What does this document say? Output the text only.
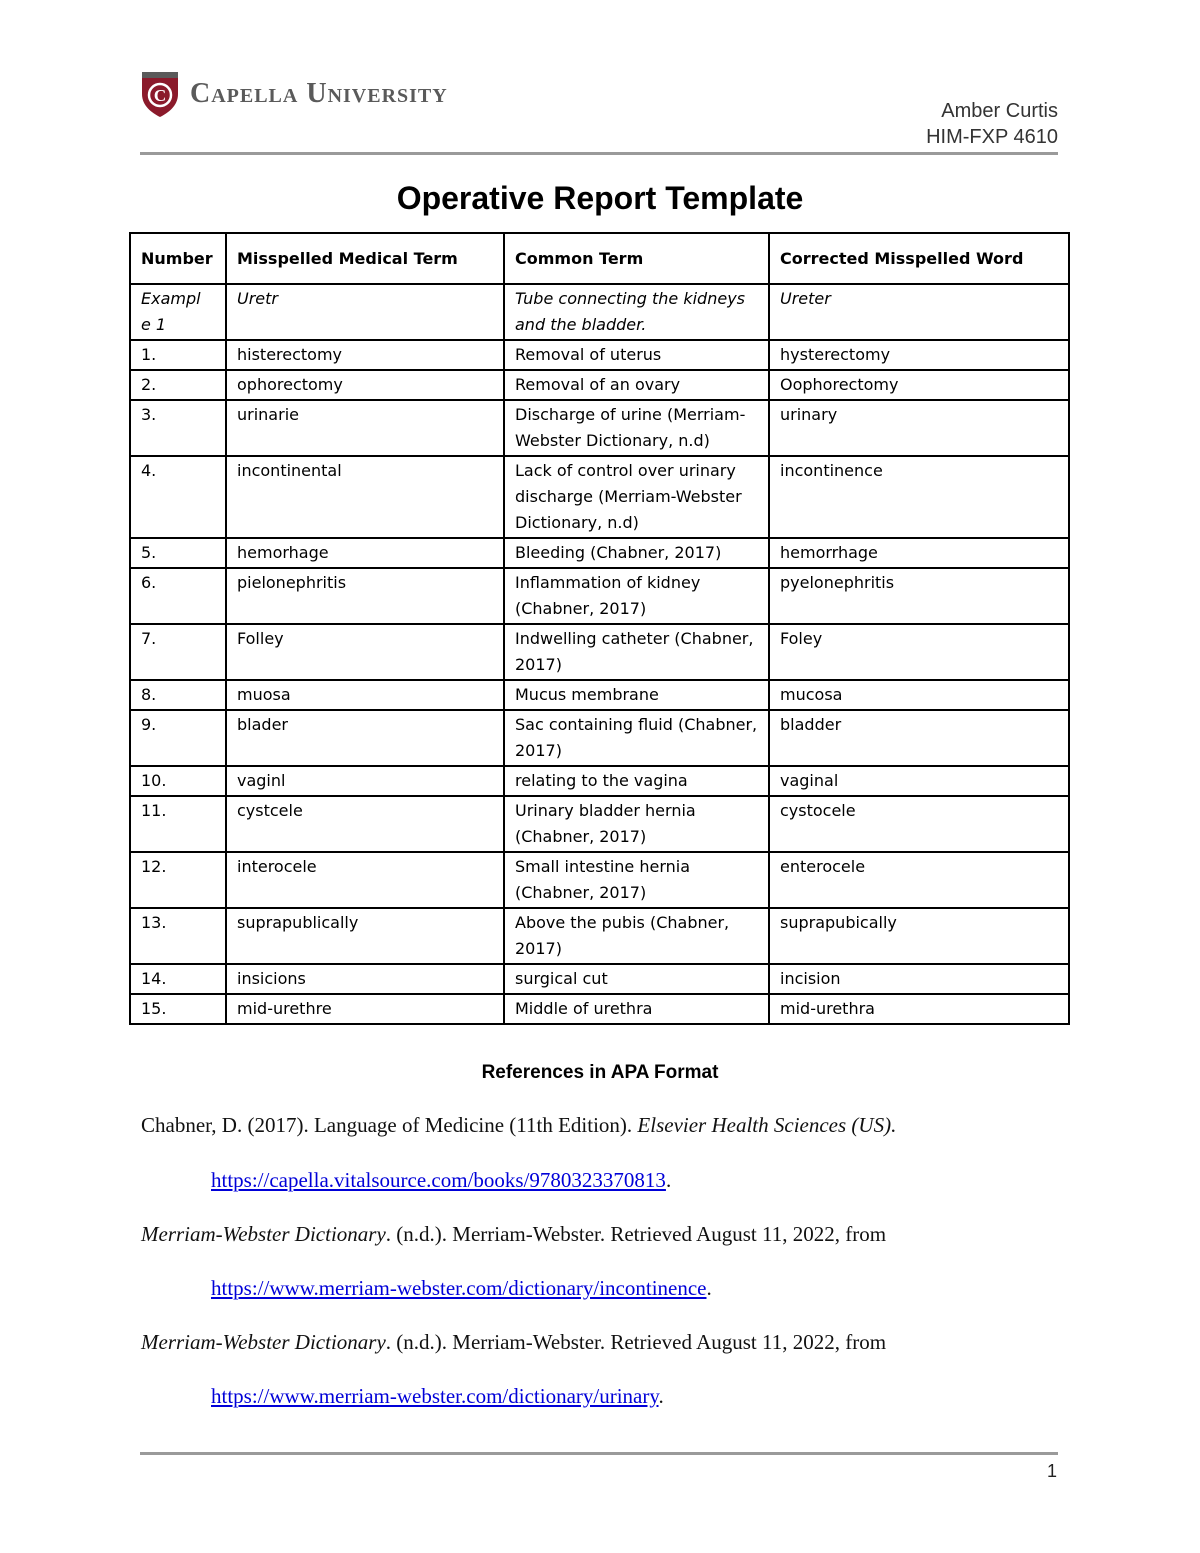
C Capella University
Amber Curtis
HIM-FXP 4610
Operative Report Template
Number	Misspelled Medical Term	Common Term	Corrected Misspelled Word
Exampl e 1	Uretr	Tube connecting the kidneys and the bladder.	Ureter
1.	histerectomy	Removal of uterus	hysterectomy
2.	ophorectomy	Removal of an ovary	Oophorectomy
3.	urinarie	Discharge of urine (Merriam-Webster Dictionary, n.d)	urinary
4.	incontinental	Lack of control over urinary discharge (Merriam-Webster Dictionary, n.d)	incontinence
5.	hemorhage	Bleeding (Chabner, 2017)	hemorrhage
6.	pielonephritis	Inflammation of kidney (Chabner, 2017)	pyelonephritis
7.	Folley	Indwelling catheter (Chabner, 2017)	Foley
8.	muosa	Mucus membrane	mucosa
9.	blader	Sac containing fluid (Chabner, 2017)	bladder
10.	vaginl	relating to the vagina	vaginal
11.	cystcele	Urinary bladder hernia (Chabner, 2017)	cystocele
12.	interocele	Small intestine hernia (Chabner, 2017)	enterocele
13.	suprapublically	Above the pubis (Chabner, 2017)	suprapubically
14.	insicions	surgical cut	incision
15.	mid-urethre	Middle of urethra	mid-urethra
References in APA Format
Chabner, D. (2017). Language of Medicine (11th Edition). Elsevier Health Sciences (US).
https://capella.vitalsource.com/books/9780323370813.
Merriam-Webster Dictionary. (n.d.). Merriam-Webster. Retrieved August 11, 2022, from
https://www.merriam-webster.com/dictionary/incontinence.
Merriam-Webster Dictionary. (n.d.). Merriam-Webster. Retrieved August 11, 2022, from
https://www.merriam-webster.com/dictionary/urinary.
1
